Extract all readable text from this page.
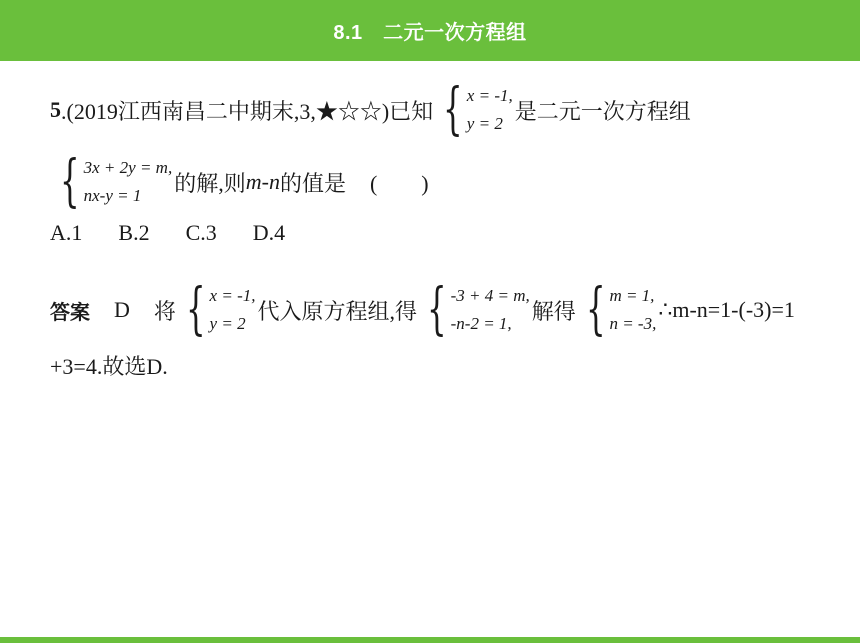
8.1　二元一次方程组
5 .(2019江西南昌二中期末,3,★☆☆)已知 { x = -1,
y = 2 是二元一次方程组
{ 3x + 2y = m,
nx-y = 1	的解,则 m - n 的值是 (　　)
A.1 B.2 C.3 D.4
答案 D 将 { x = -1,
y = 2 代入原方程组,得 { -3 + 4 = m,
-n-2 = 1, 解得 { m = 1,
n = -3,
∴m-n=1-(-3)=1
+3=4.故选D.
